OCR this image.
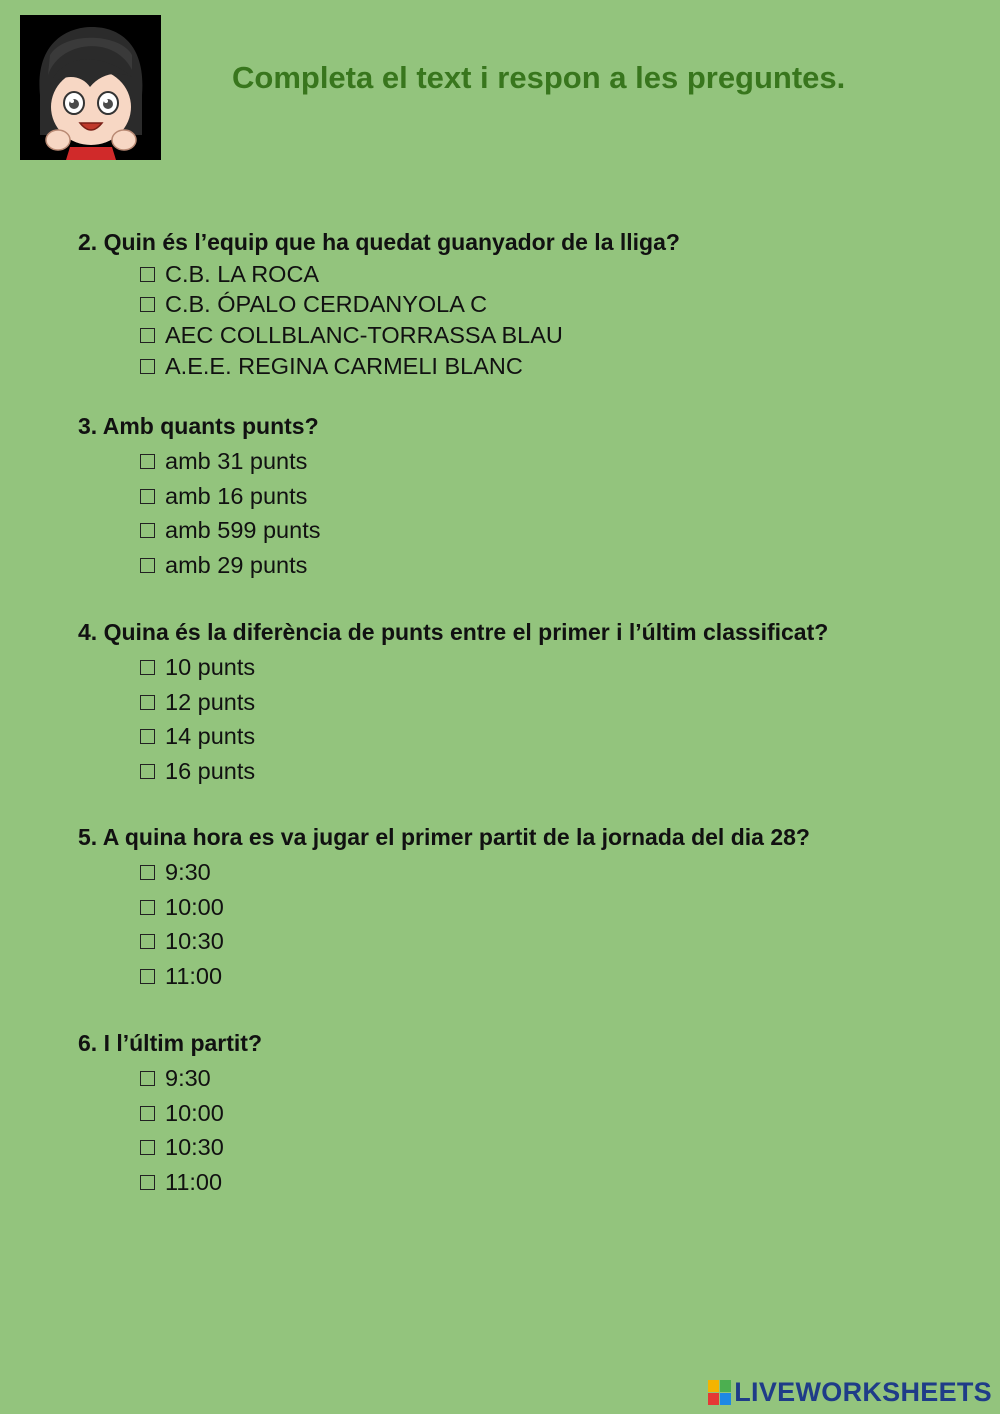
Completa el text i respon a les preguntes.
2. Quin és l’equip que ha quedat guanyador de la lliga?
C.B. LA ROCA
C.B. ÓPALO CERDANYOLA C
AEC COLLBLANC-TORRASSA BLAU
A.E.E. REGINA CARMELI BLANC
3. Amb quants punts?
amb 31 punts
amb 16 punts
amb 599 punts
amb 29 punts
4. Quina és la diferència de punts entre el primer i l’últim classificat?
10 punts
12 punts
14 punts
16 punts
5. A quina hora es va jugar el primer partit de la jornada del dia 28?
9:30
10:00
10:30
11:00
6. I l’últim partit?
9:30
10:00
10:30
11:00
LIVEWORKSHEETS
